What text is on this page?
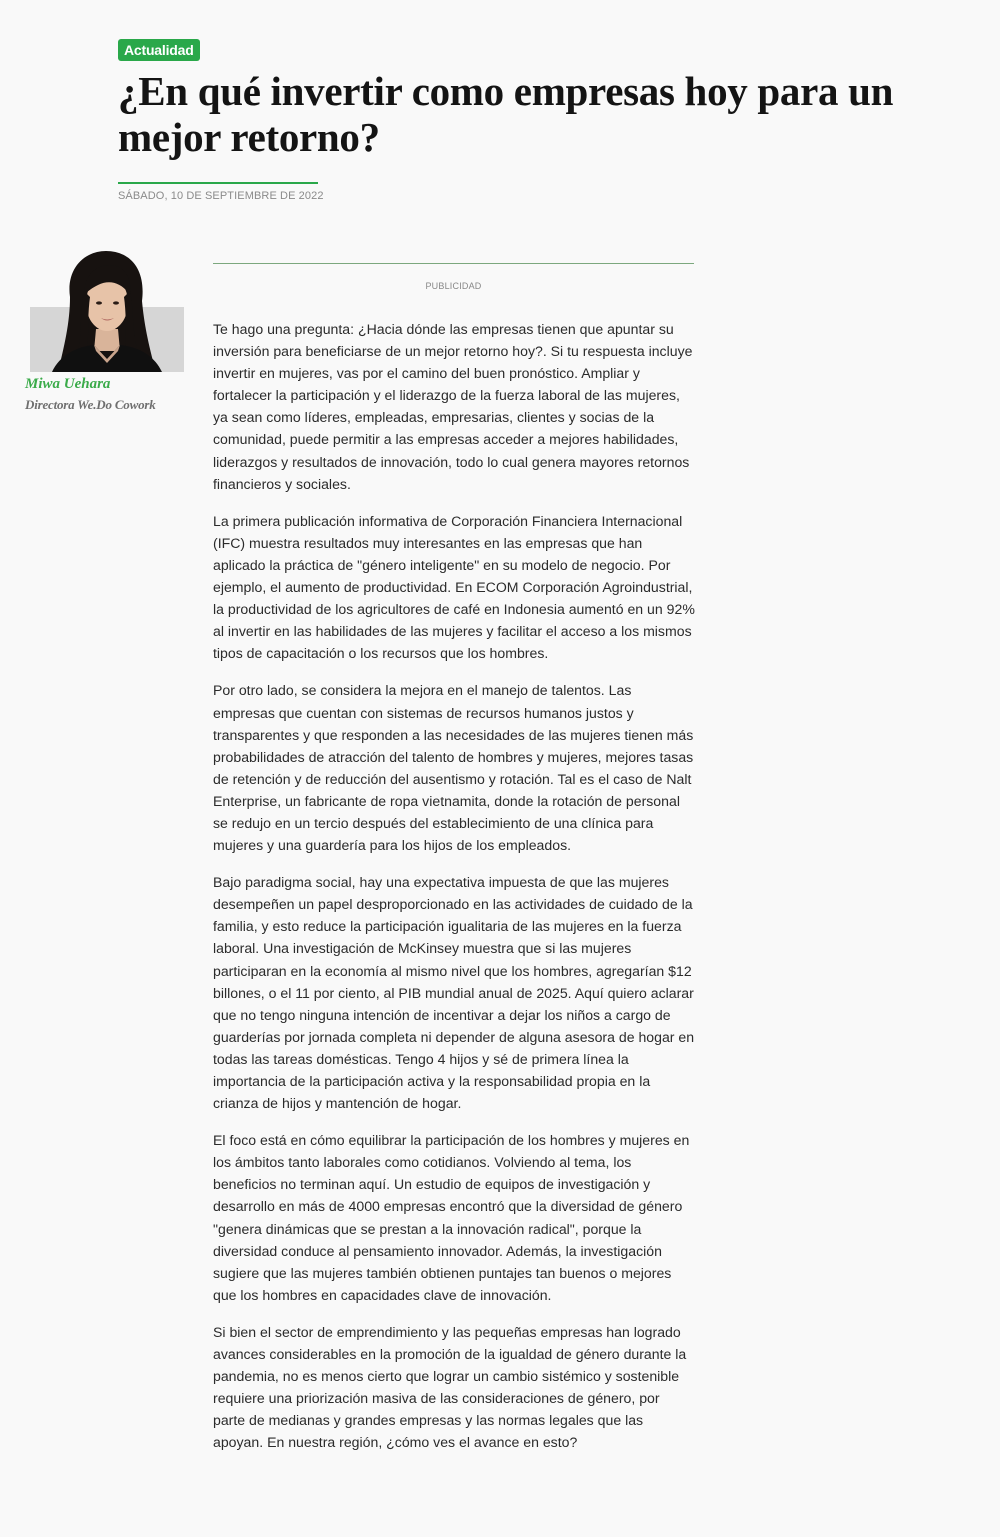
Actualidad
¿En qué invertir como empresas hoy para un mejor retorno?
SÁBADO, 10 DE SEPTIEMBRE DE 2022
Miwa Uehara
Directora We.Do Cowork
PUBLICIDAD

Te hago una pregunta: ¿Hacia dónde las empresas tienen que apuntar su inversión para beneficiarse de un mejor retorno hoy?. Si tu respuesta incluye invertir en mujeres, vas por el camino del buen pronóstico. Ampliar y fortalecer la participación y el liderazgo de la fuerza laboral de las mujeres, ya sean como líderes, empleadas, empresarias, clientes y socias de la comunidad, puede permitir a las empresas acceder a mejores habilidades, liderazgos y resultados de innovación, todo lo cual genera mayores retornos financieros y sociales.

La primera publicación informativa de Corporación Financiera Internacional (IFC) muestra resultados muy interesantes en las empresas que han aplicado la práctica de "género inteligente" en su modelo de negocio. Por ejemplo, el aumento de productividad. En ECOM Corporación Agroindustrial, la productividad de los agricultores de café en Indonesia aumentó en un 92% al invertir en las habilidades de las mujeres y facilitar el acceso a los mismos tipos de capacitación o los recursos que los hombres.

Por otro lado, se considera la mejora en el manejo de talentos. Las empresas que cuentan con sistemas de recursos humanos justos y transparentes y que responden a las necesidades de las mujeres tienen más probabilidades de atracción del talento de hombres y mujeres, mejores tasas de retención y de reducción del ausentismo y rotación. Tal es el caso de Nalt Enterprise, un fabricante de ropa vietnamita, donde la rotación de personal se redujo en un tercio después del establecimiento de una clínica para mujeres y una guardería para los hijos de los empleados.

Bajo paradigma social, hay una expectativa impuesta de que las mujeres desempeñen un papel desproporcionado en las actividades de cuidado de la familia, y esto reduce la participación igualitaria de las mujeres en la fuerza laboral. Una investigación de McKinsey muestra que si las mujeres participaran en la economía al mismo nivel que los hombres, agregarían $12 billones, o el 11 por ciento, al PIB mundial anual de 2025. Aquí quiero aclarar que no tengo ninguna intención de incentivar a dejar los niños a cargo de guarderías por jornada completa ni depender de alguna asesora de hogar en todas las tareas domésticas. Tengo 4 hijos y sé de primera línea la importancia de la participación activa y la responsabilidad propia en la crianza de hijos y mantención de hogar.

El foco está en cómo equilibrar la participación de los hombres y mujeres en los ámbitos tanto laborales como cotidianos. Volviendo al tema, los beneficios no terminan aquí. Un estudio de equipos de investigación y desarrollo en más de 4000 empresas encontró que la diversidad de género "genera dinámicas que se prestan a la innovación radical", porque la diversidad conduce al pensamiento innovador. Además, la investigación sugiere que las mujeres también obtienen puntajes tan buenos o mejores que los hombres en capacidades clave de innovación.

Si bien el sector de emprendimiento y las pequeñas empresas han logrado avances considerables en la promoción de la igualdad de género durante la pandemia, no es menos cierto que lograr un cambio sistémico y sostenible requiere una priorización masiva de las consideraciones de género, por parte de medianas y grandes empresas y las normas legales que las apoyan. En nuestra región, ¿cómo ves el avance en esto?
